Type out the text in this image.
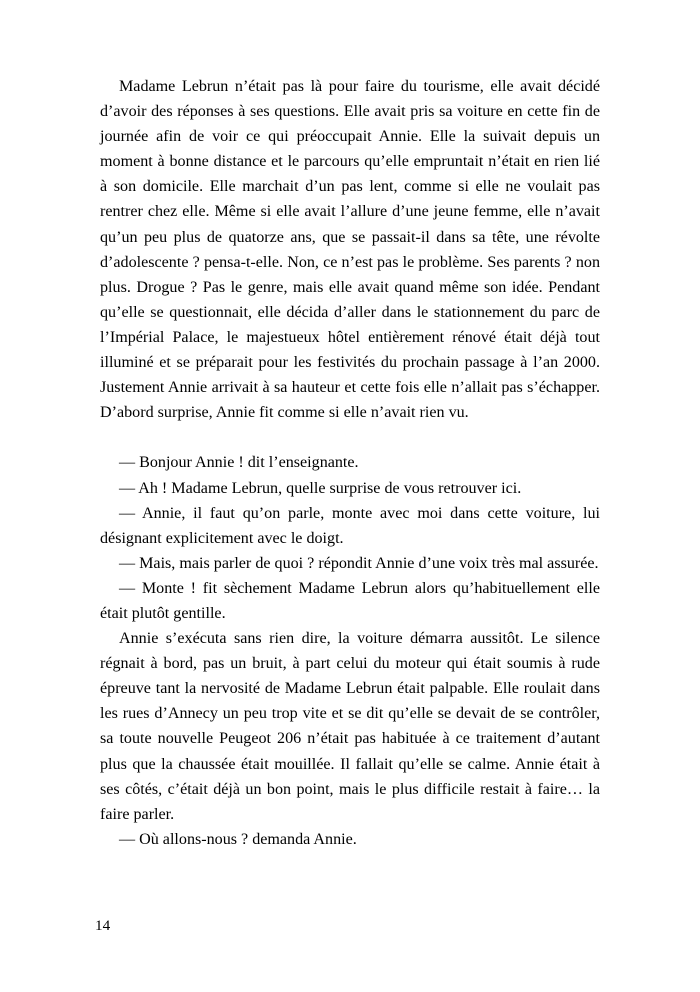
Madame Lebrun n’était pas là pour faire du tourisme, elle avait décidé d’avoir des réponses à ses questions. Elle avait pris sa voiture en cette fin de journée afin de voir ce qui préoccupait Annie. Elle la suivait depuis un moment à bonne distance et le parcours qu’elle empruntait n’était en rien lié à son domicile. Elle marchait d’un pas lent, comme si elle ne voulait pas rentrer chez elle. Même si elle avait l’allure d’une jeune femme, elle n’avait qu’un peu plus de quatorze ans, que se passait-il dans sa tête, une révolte d’adolescente ? pensa-t-elle. Non, ce n’est pas le problème. Ses parents ? non plus. Drogue ? Pas le genre, mais elle avait quand même son idée. Pendant qu’elle se questionnait, elle décida d’aller dans le stationnement du parc de l’Impérial Palace, le majestueux hôtel entièrement rénové était déjà tout illuminé et se préparait pour les festivités du prochain passage à l’an 2000. Justement Annie arrivait à sa hauteur et cette fois elle n’allait pas s’échapper. D’abord surprise, Annie fit comme si elle n’avait rien vu.

— Bonjour Annie ! dit l’enseignante.

— Ah ! Madame Lebrun, quelle surprise de vous retrouver ici.

— Annie, il faut qu’on parle, monte avec moi dans cette voiture, lui désignant explicitement avec le doigt.

— Mais, mais parler de quoi ? répondit Annie d’une voix très mal assurée.

— Monte ! fit sèchement Madame Lebrun alors qu’habituellement elle était plutôt gentille.

Annie s’exécuta sans rien dire, la voiture démarra aussitôt. Le silence régnait à bord, pas un bruit, à part celui du moteur qui était soumis à rude épreuve tant la nervosité de Madame Lebrun était palpable. Elle roulait dans les rues d’Annecy un peu trop vite et se dit qu’elle se devait de se contrôler, sa toute nouvelle Peugeot 206 n’était pas habituée à ce traitement d’autant plus que la chaussée était mouillée. Il fallait qu’elle se calme. Annie était à ses côtés, c’était déjà un bon point, mais le plus difficile restait à faire… la faire parler.

— Où allons-nous ? demanda Annie.

14
